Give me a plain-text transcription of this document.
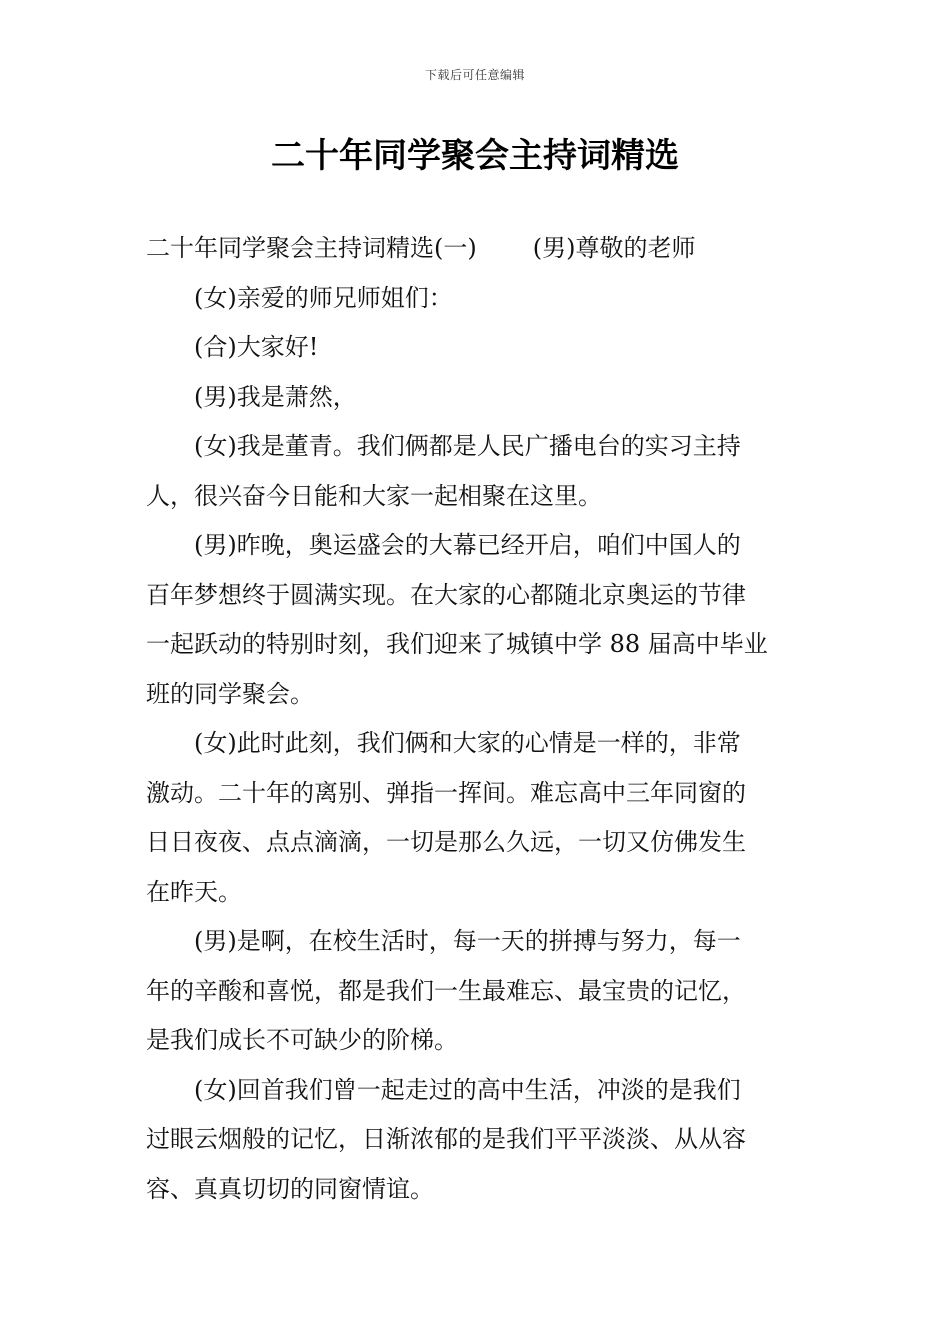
下载后可任意编辑
二十年同学聚会主持词精选

二十年同学聚会主持词精选(一) (男)尊敬的老师

(女)亲爱的师兄师姐们：

(合)大家好!

(男)我是萧然，

(女)我是董青。我们俩都是人民广播电台的实习主持
人，很兴奋今日能和大家一起相聚在这里。

(男)昨晚，奥运盛会的大幕已经开启，咱们中国人的
百年梦想终于圆满实现。在大家的心都随北京奥运的节律
一起跃动的特别时刻，我们迎来了城镇中学 88 届高中毕业
班的同学聚会。

(女)此时此刻，我们俩和大家的心情是一样的，非常
激动。二十年的离别、弹指一挥间。难忘高中三年同窗的
日日夜夜、点点滴滴，一切是那么久远，一切又仿佛发生
在昨天。

(男)是啊，在校生活时，每一天的拼搏与努力，每一
年的辛酸和喜悦，都是我们一生最难忘、最宝贵的记忆，
是我们成长不可缺少的阶梯。

(女)回首我们曾一起走过的高中生活，冲淡的是我们
过眼云烟般的记忆，日渐浓郁的是我们平平淡淡、从从容
容、真真切切的同窗情谊。
